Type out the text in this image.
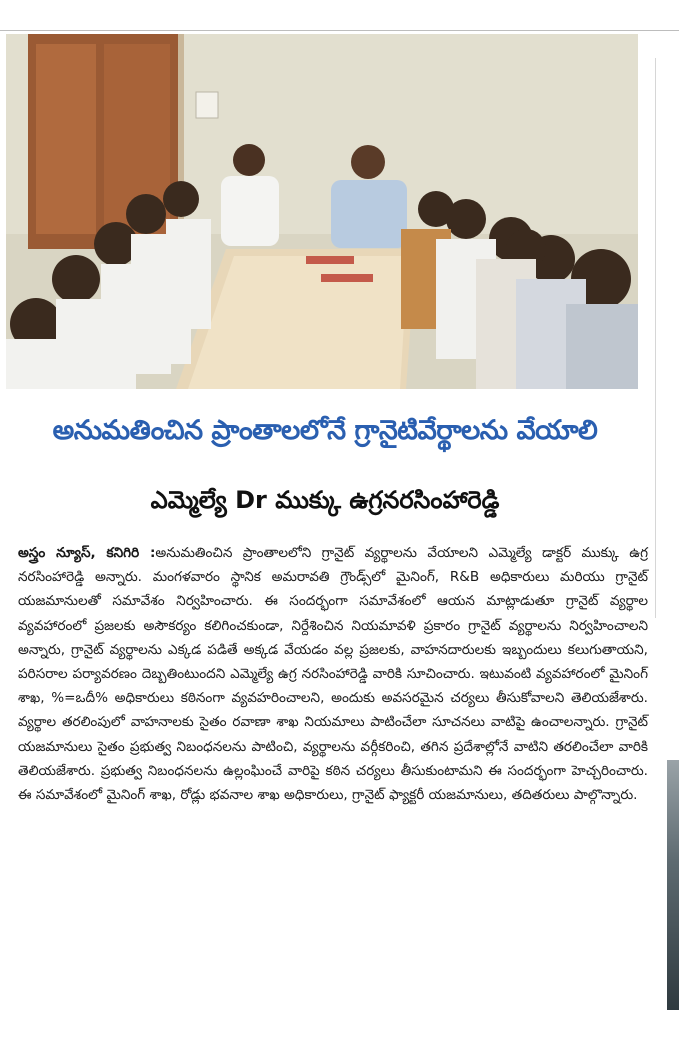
అనుమతించిన ప్రాంతాలలోనే గ్రానైటివేర్థాలను వేయాలి
ఎమ్మెల్యే Dr ముక్కు ఉగ్రనరసింహారెడ్డి
అస్త్రం న్యూస్, కనిగిరి :అనుమతించిన ప్రాంతాలలోని గ్రానైట్ వ్యర్థాలను వేయాలని ఎమ్మెల్యే డాక్టర్ ముక్కు ఉగ్ర నరసింహారెడ్డి అన్నారు. మంగళవారం స్థానిక అమరావతి గ్రౌండ్స్‌లో మైనింగ్, R&B అధికారులు మరియు గ్రానైట్ యజమానులతో సమావేశం నిర్వహించారు. ఈ సందర్భంగా సమావేశంలో ఆయన మాట్లాడుతూ గ్రానైట్ వ్యర్థాల వ్యవహారంలో ప్రజలకు అసౌకర్యం కలిగించకుండా, నిర్దేశించిన నియమావళి ప్రకారం గ్రానైట్ వ్యర్థాలను నిర్వహించాలని అన్నారు, గ్రానైట్ వ్యర్థాలను ఎక్కడ పడితే అక్కడ వేయడం వల్ల ప్రజలకు, వాహనదారులకు ఇబ్బందులు కలుగుతాయని, పరిసరాల పర్యావరణం దెబ్బతింటుందని ఎమ్మెల్యే ఉగ్ర నరసింహారెడ్డి వారికి సూచించారు. ఇటువంటి వ్యవహారంలో మైనింగ్ శాఖ, %=ఒదీ% అధికారులు కఠినంగా వ్యవహరించాలని, అందుకు అవసరమైన చర్యలు తీసుకోవాలని తెలియజేశారు. వ్యర్థాల తరలింపులో వాహనాలకు సైతం రవాణా శాఖ నియమాలు పాటించేలా సూచనలు వాటిపై ఉంచాలన్నారు. గ్రానైట్ యజమానులు సైతం ప్రభుత్వ నిబంధనలను పాటించి, వ్యర్థాలను వర్గీకరించి, తగిన ప్రదేశాల్లోనే వాటిని తరలించేలా వారికి తెలియజేశారు. ప్రభుత్వ నిబంధనలను ఉల్లంఘించే వారిపై కఠిన చర్యలు తీసుకుంటామని ఈ సందర్భంగా హెచ్చరించారు. ఈ సమావేశంలో మైనింగ్ శాఖ, రోడ్లు భవనాల శాఖ అధికారులు, గ్రానైట్ ఫ్యాక్టరీ యజమానులు, తదితరులు పాల్గొన్నారు.
